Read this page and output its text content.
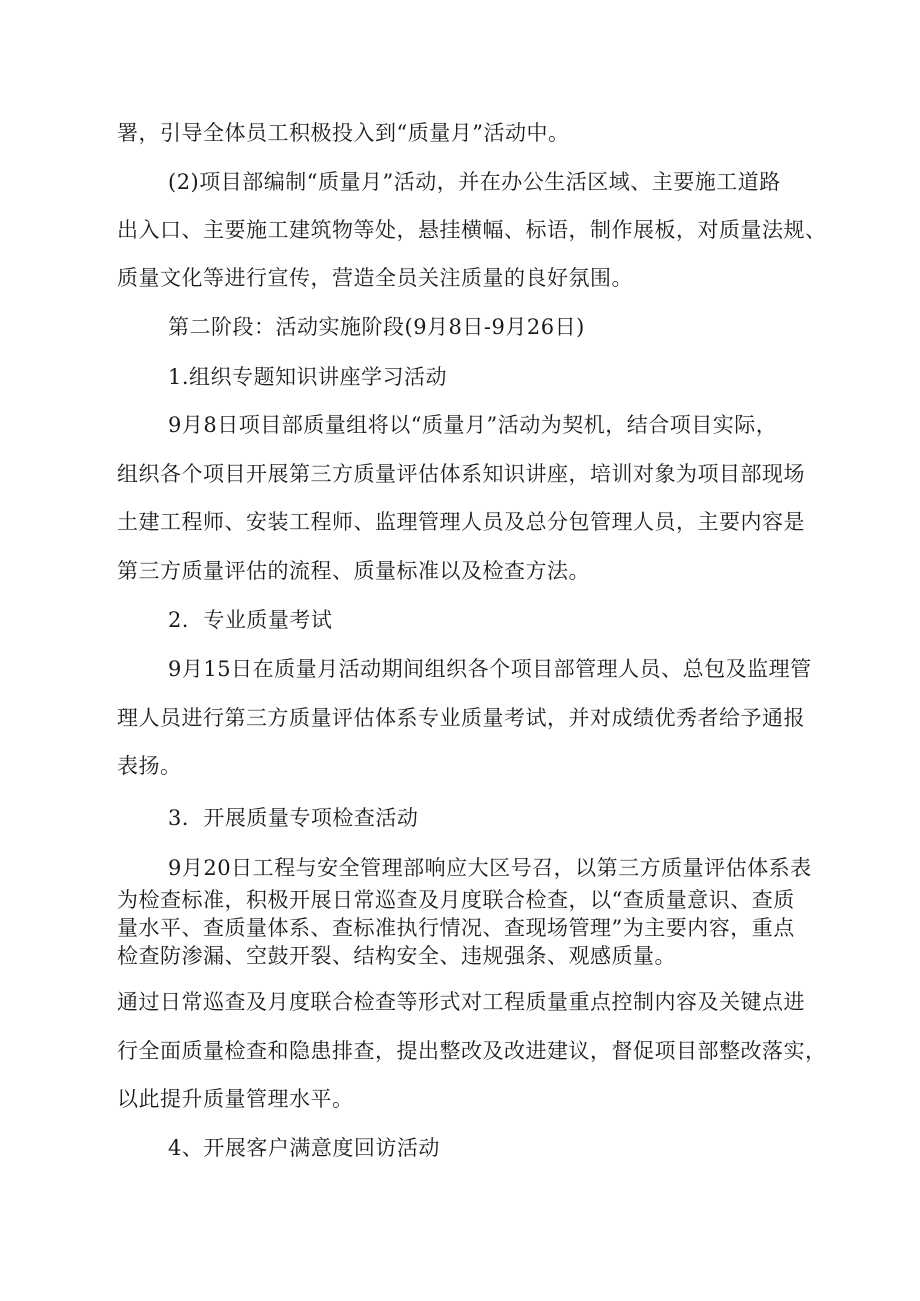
署，引导全体员工积极投入到“质量月”活动中。
(2)项目部编制“质量月”活动，并在办公生活区域、主要施工道路
出入口、主要施工建筑物等处，悬挂横幅、标语，制作展板，对质量法规、
质量文化等进行宣传，营造全员关注质量的良好氛围。
第二阶段：活动实施阶段(9月8日-9月26日)
1.组织专题知识讲座学习活动
9月8日项目部质量组将以“质量月”活动为契机，结合项目实际，
组织各个项目开展第三方质量评估体系知识讲座，培训对象为项目部现场
土建工程师、安装工程师、监理管理人员及总分包管理人员，主要内容是
第三方质量评估的流程、质量标准以及检查方法。
2．专业质量考试
9月15日在质量月活动期间组织各个项目部管理人员、总包及监理管
理人员进行第三方质量评估体系专业质量考试，并对成绩优秀者给予通报
表扬。
3．开展质量专项检查活动
9月20日工程与安全管理部响应大区号召，以第三方质量评估体系表
为检查标准，积极开展日常巡查及月度联合检查，以“查质量意识、查质
量水平、查质量体系、查标准执行情况、查现场管理”为主要内容，重点
检查防渗漏、空鼓开裂、结构安全、违规强条、观感质量。
通过日常巡查及月度联合检查等形式对工程质量重点控制内容及关键点进
行全面质量检查和隐患排查，提出整改及改进建议，督促项目部整改落实，
以此提升质量管理水平。
4、开展客户满意度回访活动
